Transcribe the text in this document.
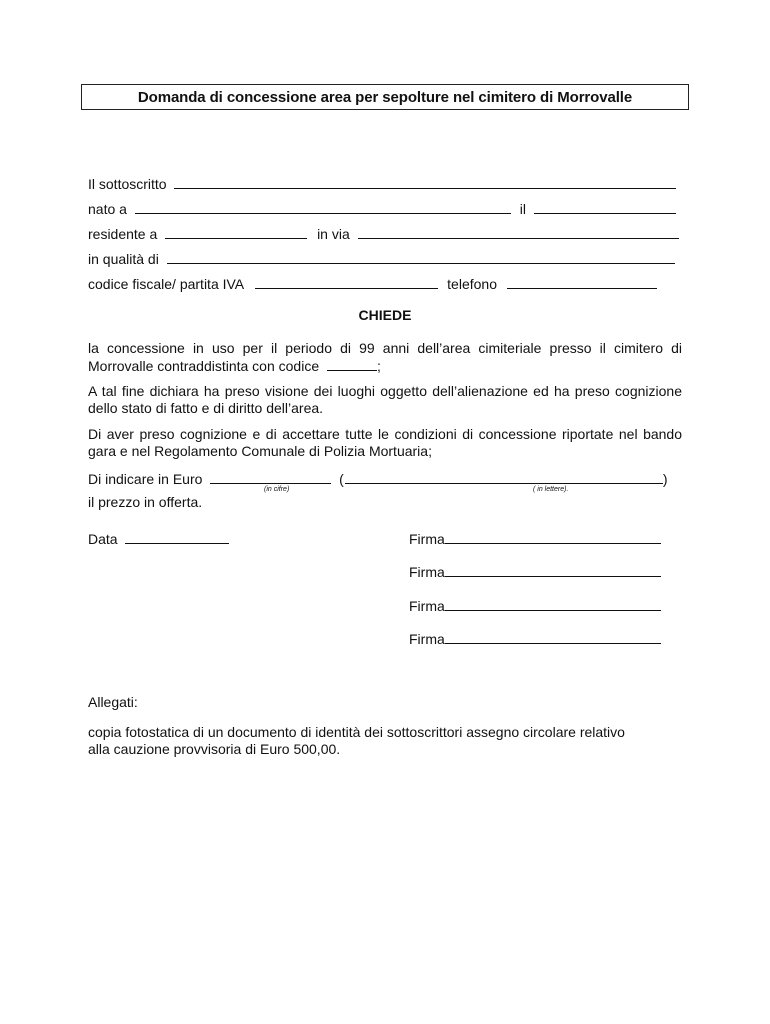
Domanda di concessione area per sepolture nel cimitero di Morrovalle
Il sottoscritto
nato a	il
residente a	in via
in qualità di
codice fiscale/ partita IVA	telefono
CHIEDE
la concessione in uso per il periodo di 99 anni dell’area cimiteriale presso il cimitero di Morrovalle contraddistinta con codice	;
A tal fine dichiara ha preso visione dei luoghi oggetto dell’alienazione ed ha preso cognizione dello stato di fatto e di diritto dell’area.
Di aver preso cognizione e di accettare tutte le condizioni di concessione riportate nel bando gara e nel Regolamento Comunale di Polizia Mortuaria;
Di indicare in Euro	(	)
(in cifre)	( in lettere).
il prezzo in offerta.
Data	Firma
Firma
Firma
Firma
Allegati:
copia fotostatica di un documento di identità dei sottoscrittori assegno circolare relativo alla cauzione provvisoria di Euro 500,00.
